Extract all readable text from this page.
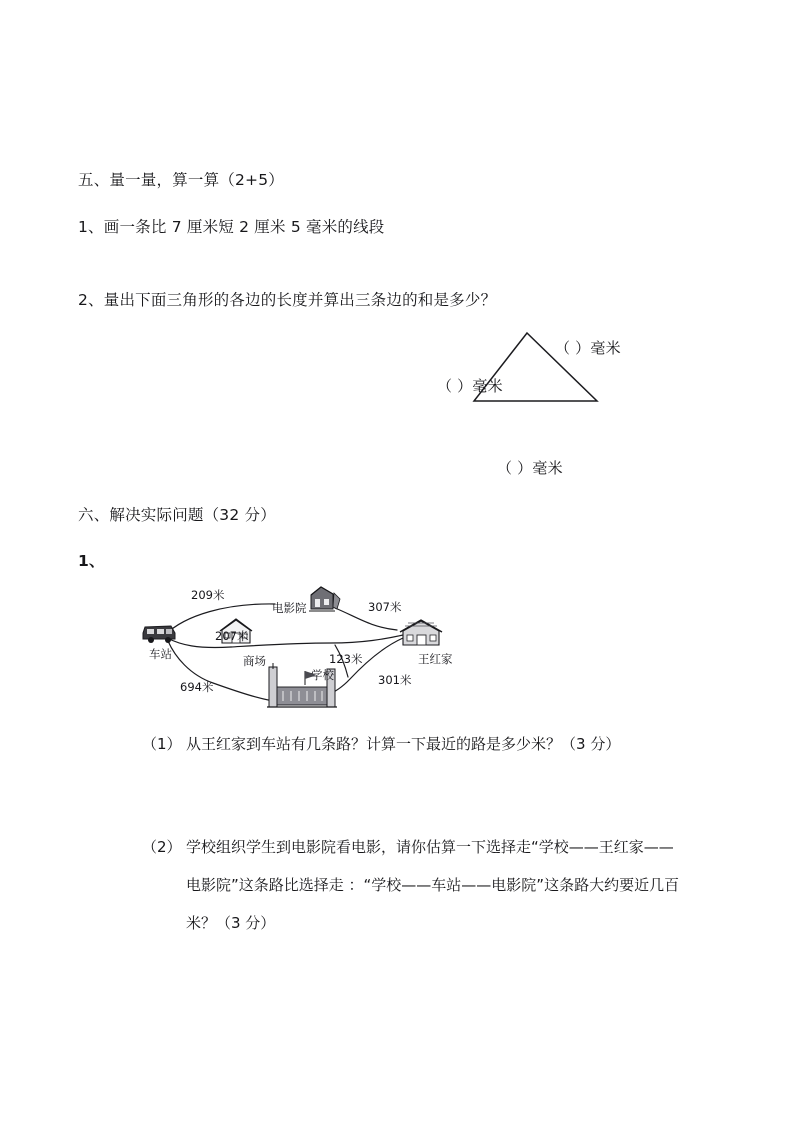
五、量一量，算一算（2+5）
1、画一条比 7 厘米短 2 厘米 5 毫米的线段
2、量出下面三角形的各边的长度并算出三条边的和是多少？
（ ）毫米
（ ）毫米
（ ）毫米
六、解决实际问题（32 分）
1、
车站
电影院
商场
学校
王红家
209米
207米
694米
307米
123米
301米
（1） 从王红家到车站有几条路？计算一下最近的路是多少米？（3 分）
（2） 学校组织学生到电影院看电影，请你估算一下选择走“学校——王红家——
电影院”这条路比选择走 ：“学校——车站——电影院”这条路大约要近几百
米？（3 分）
